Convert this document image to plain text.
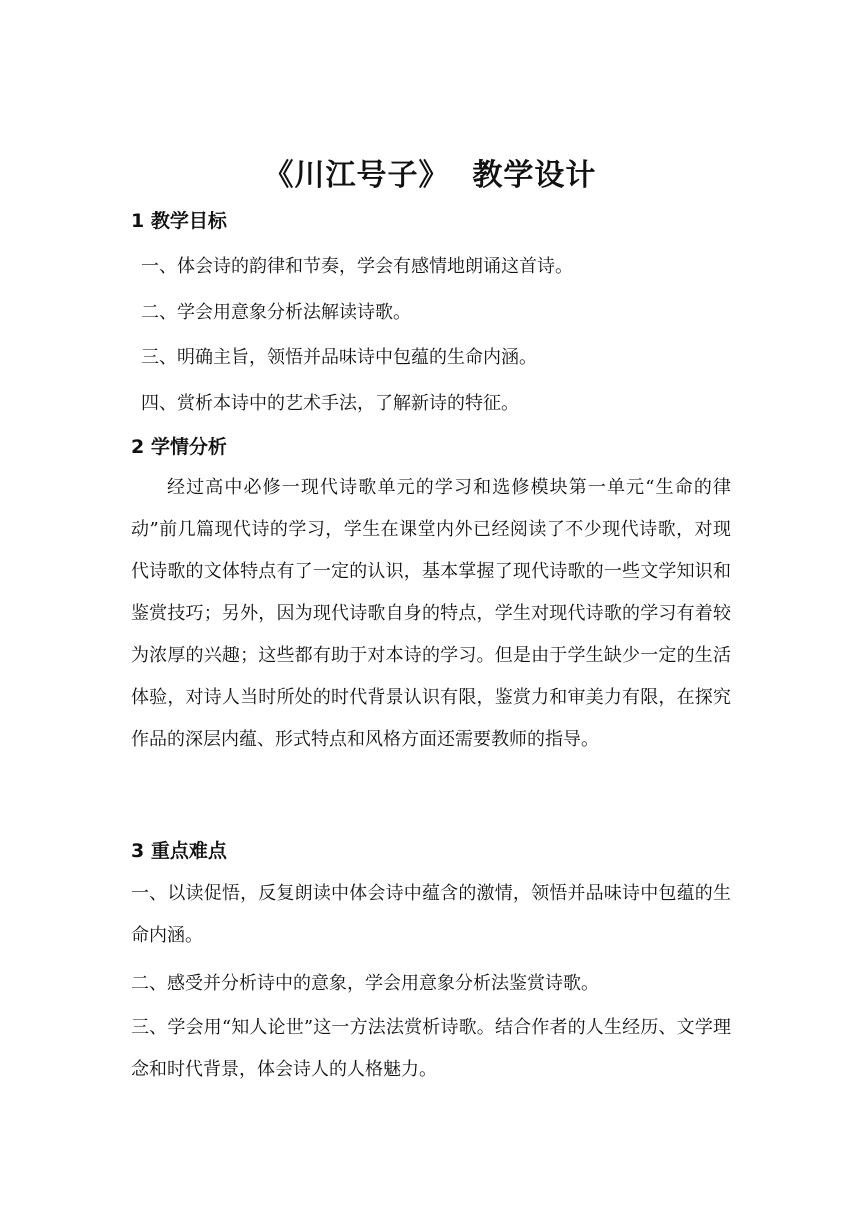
《川江号子》  教学设计
1 教学目标
一、体会诗的韵律和节奏，学会有感情地朗诵这首诗。
二、学会用意象分析法解读诗歌。
三、明确主旨，领悟并品味诗中包蕴的生命内涵。
四、赏析本诗中的艺术手法，了解新诗的特征。
2 学情分析
经过高中必修一现代诗歌单元的学习和选修模块第一单元“生命的律动”前几篇现代诗的学习，学生在课堂内外已经阅读了不少现代诗歌，对现代诗歌的文体特点有了一定的认识，基本掌握了现代诗歌的一些文学知识和鉴赏技巧；另外，因为现代诗歌自身的特点，学生对现代诗歌的学习有着较为浓厚的兴趣；这些都有助于对本诗的学习。但是由于学生缺少一定的生活体验，对诗人当时所处的时代背景认识有限，鉴赏力和审美力有限，在探究作品的深层内蕴、形式特点和风格方面还需要教师的指导。
3 重点难点
一、以读促悟，反复朗读中体会诗中蕴含的激情，领悟并品味诗中包蕴的生命内涵。
二、感受并分析诗中的意象，学会用意象分析法鉴赏诗歌。
三、学会用“知人论世”这一方法法赏析诗歌。结合作者的人生经历、文学理念和时代背景，体会诗人的人格魅力。
